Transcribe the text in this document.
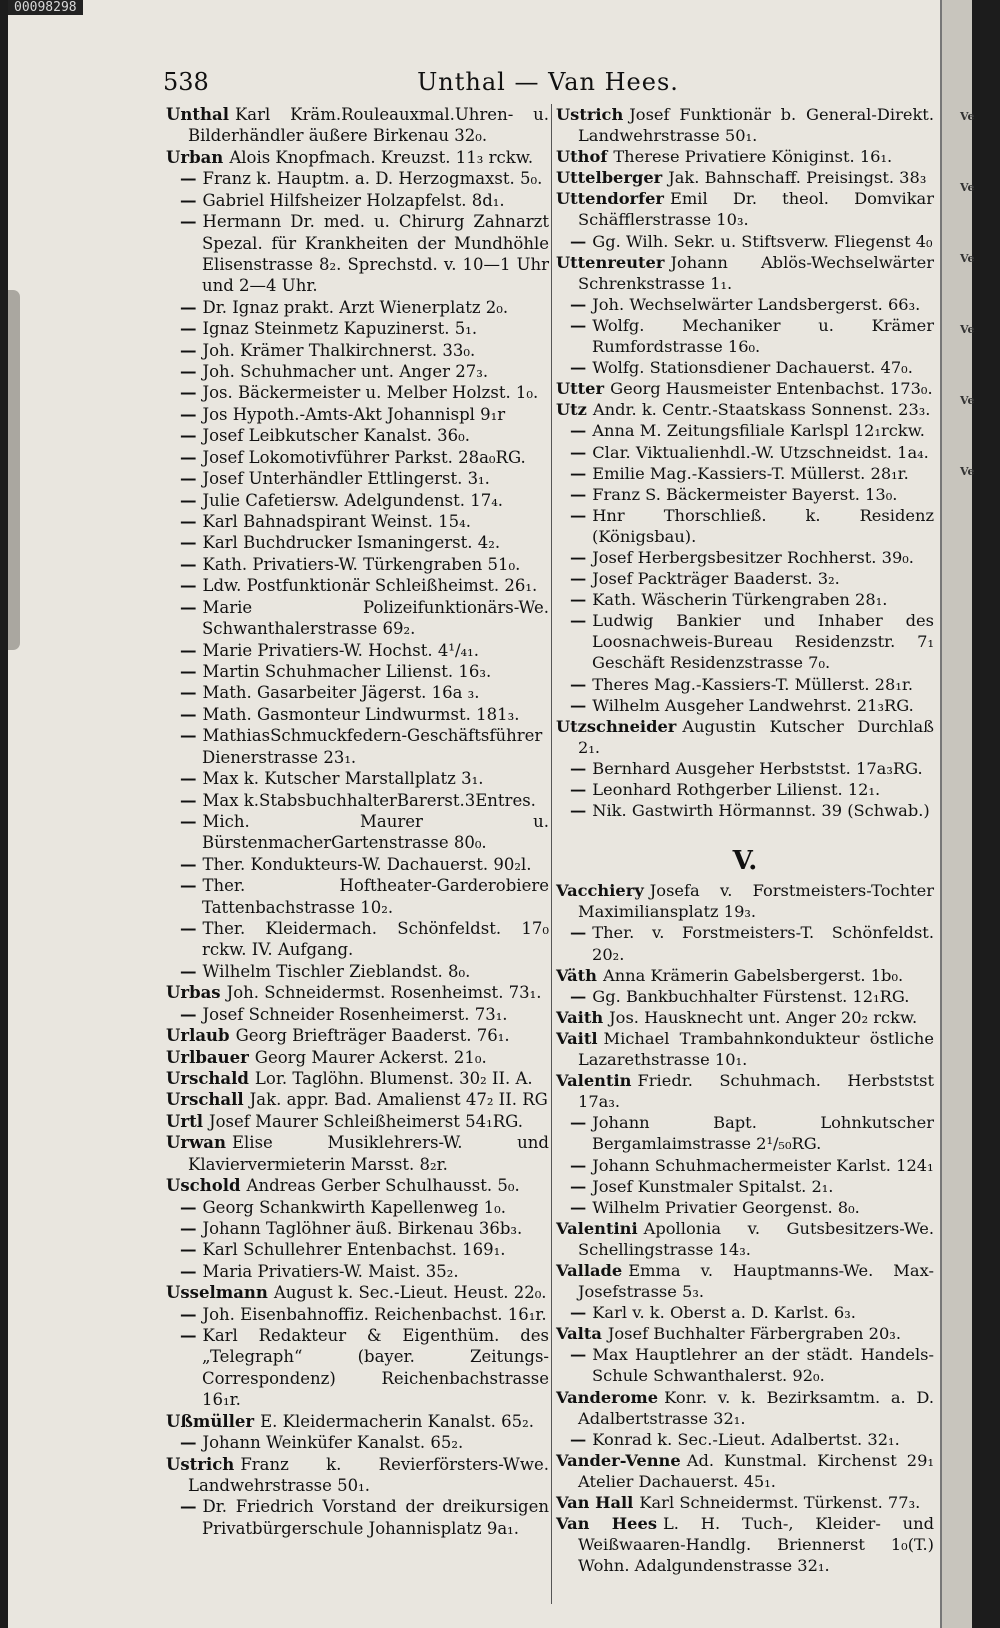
00098298
Ve
Ve
Ve
Ve
Ve
Ve
538	Unthal — Van Hees.

Unthal Karl Kräm.Rouleauxmal.Uhren- u. Bilderhändler äußere Birkenau 32₀.

Urban Alois Knopfmach. Kreuzst. 11₃ rckw.

— Franz k. Hauptm. a. D. Herzogmaxst. 5₀.

— Gabriel Hilfsheizer Holzapfelst. 8d₁.

— Hermann Dr. med. u. Chirurg Zahnarzt Spezal. für Krankheiten der Mundhöhle Elisenstrasse 8₂. Sprechstd. v. 10—1 Uhr und 2—4 Uhr.

— Dr. Ignaz prakt. Arzt Wienerplatz 2₀.

— Ignaz Steinmetz Kapuzinerst. 5₁.

— Joh. Krämer Thalkirchnerst. 33₀.

— Joh. Schuhmacher unt. Anger 27₃.

— Jos. Bäckermeister u. Melber Holzst. 1₀.

— Jos Hypoth.-Amts-Akt Johannispl 9₁r

— Josef Leibkutscher Kanalst. 36₀.

— Josef Lokomotivführer Parkst. 28a₀RG.

— Josef Unterhändler Ettlingerst. 3₁.

— Julie Cafetiersw. Adelgundenst. 17₄.

— Karl Bahnadspirant Weinst. 15₄.

— Karl Buchdrucker Ismaningerst. 4₂.

— Kath. Privatiers-W. Türkengraben 51₀.

— Ldw. Postfunktionär Schleißheimst. 26₁.

— Marie Polizeifunktionärs-We. Schwanthalerstrasse 69₂.

— Marie Privatiers-W. Hochst. 4¹/₄₁.

— Martin Schuhmacher Lilienst. 16₃.

— Math. Gasarbeiter Jägerst. 16a ₃.

— Math. Gasmonteur Lindwurmst. 181₃.

— MathiasSchmuckfedern-Geschäftsführer Dienerstrasse 23₁.

— Max k. Kutscher Marstallplatz 3₁.

— Max k.StabsbuchhalterBarerst.3Entres.

— Mich. Maurer u. BürstenmacherGartenstrasse 80₀.

— Ther. Kondukteurs-W. Dachauerst. 90₂l.

— Ther. Hoftheater-Garderobiere Tattenbachstrasse 10₂.

— Ther. Kleidermach. Schönfeldst. 17₀ rckw. IV. Aufgang.

— Wilhelm Tischler Zieblandst. 8₀.

Urbas Joh. Schneidermst. Rosenheimst. 73₁.

— Josef Schneider Rosenheimerst. 73₁.

Urlaub Georg Briefträger Baaderst. 76₁.

Urlbauer Georg Maurer Ackerst. 21₀.

Urschald Lor. Taglöhn. Blumenst. 30₂ II. A.

Urschall Jak. appr. Bad. Amalienst 47₂ II. RG

Urtl Josef Maurer Schleißheimerst 54₁RG.

Urwan Elise Musiklehrers-W. und Klaviervermieterin Marsst. 8₂r.

Uschold Andreas Gerber Schulhausst. 5₀.

— Georg Schankwirth Kapellenweg 1₀.

— Johann Taglöhner äuß. Birkenau 36b₃.

— Karl Schullehrer Entenbachst. 169₁.

— Maria Privatiers-W. Maist. 35₂.

Usselmann August k. Sec.-Lieut. Heust. 22₀.

— Joh. Eisenbahnoffiz. Reichenbachst. 16₁r.

— Karl Redakteur & Eigenthüm. des „Telegraph“ (bayer. Zeitungs-Correspondenz) Reichenbachstrasse 16₁r.

Ußmüller E. Kleidermacherin Kanalst. 65₂.

— Johann Weinküfer Kanalst. 65₂.

Ustrich Franz k. Revierförsters-Wwe. Landwehrstrasse 50₁.

— Dr. Friedrich Vorstand der dreikursigen Privatbürgerschule Johannisplatz 9a₁.

Ustrich Josef Funktionär b. General-Direkt. Landwehrstrasse 50₁.

Uthof Therese Privatiere Königinst. 16₁.

Uttelberger Jak. Bahnschaff. Preisingst. 38₃

Uttendorfer Emil Dr. theol. Domvikar Schäfflerstrasse 10₃.

— Gg. Wilh. Sekr. u. Stiftsverw. Fliegenst 4₀

Uttenreuter Johann Ablös-Wechselwärter Schrenkstrasse 1₁.

— Joh. Wechselwärter Landsbergerst. 66₃.

— Wolfg. Mechaniker u. Krämer Rumfordstrasse 16₀.

— Wolfg. Stationsdiener Dachauerst. 47₀.

Utter Georg Hausmeister Entenbachst. 173₀.

Utz Andr. k. Centr.-Staatskass Sonnenst. 23₃.

— Anna M. Zeitungsfiliale Karlspl 12₁rckw.

— Clar. Viktualienhdl.-W. Utzschneidst. 1a₄.

— Emilie Mag.-Kassiers-T. Müllerst. 28₁r.

— Franz S. Bäckermeister Bayerst. 13₀.

— Hnr Thorschließ. k. Residenz (Königsbau).

— Josef Herbergsbesitzer Rochherst. 39₀.

— Josef Packträger Baaderst. 3₂.

— Kath. Wäscherin Türkengraben 28₁.

— Ludwig Bankier und Inhaber des Loosnachweis-Bureau Residenzstr. 7₁ Geschäft Residenzstrasse 7₀.

— Theres Mag.-Kassiers-T. Müllerst. 28₁r.

— Wilhelm Ausgeher Landwehrst. 21₃RG.

Utzschneider Augustin Kutscher Durchlaß 2₁.

— Bernhard Ausgeher Herbststst. 17a₃RG.

— Leonhard Rothgerber Lilienst. 12₁.

— Nik. Gastwirth Hörmannst. 39 (Schwab.)

V.

Vacchiery Josefa v. Forstmeisters-Tochter Maximiliansplatz 19₃.

— Ther. v. Forstmeisters-T. Schönfeldst. 20₂.

Väth Anna Krämerin Gabelsbergerst. 1b₀.

— Gg. Bankbuchhalter Fürstenst. 12₁RG.

Vaith Jos. Hausknecht unt. Anger 20₂ rckw.

Vaitl Michael Trambahnkondukteur östliche Lazarethstrasse 10₁.

Valentin Friedr. Schuhmach. Herbststst 17a₃.

— Johann Bapt. Lohnkutscher Bergamlaimstrasse 2¹/₅₀RG.

— Johann Schuhmachermeister Karlst. 124₁

— Josef Kunstmaler Spitalst. 2₁.

— Wilhelm Privatier Georgenst. 8₀.

Valentini Apollonia v. Gutsbesitzers-We. Schellingstrasse 14₃.

Vallade Emma v. Hauptmanns-We. Max-Josefstrasse 5₃.

— Karl v. k. Oberst a. D. Karlst. 6₃.

Valta Josef Buchhalter Färbergraben 20₃.

— Max Hauptlehrer an der städt. Handels-Schule Schwanthalerst. 92₀.

Vanderome Konr. v. k. Bezirksamtm. a. D. Adalbertstrasse 32₁.

— Konrad k. Sec.-Lieut. Adalbertst. 32₁.

Vander-Venne Ad. Kunstmal. Kirchenst 29₁ Atelier Dachauerst. 45₁.

Van Hall Karl Schneidermst. Türkenst. 77₃.

Van Hees L. H. Tuch-, Kleider- und Weißwaaren-Handlg. Briennerst 1₀(T.) Wohn. Adalgundenstrasse 32₁.
